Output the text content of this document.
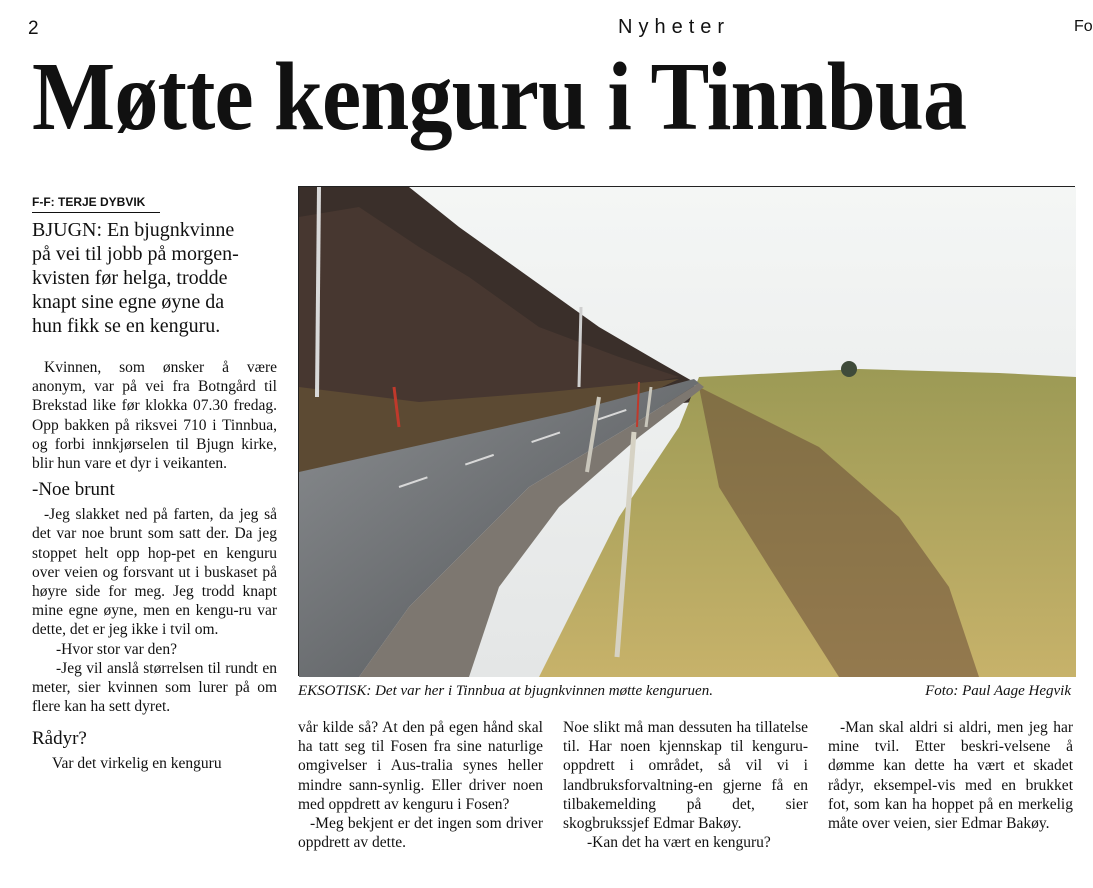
2	Nyheter	Fo
Møtte kenguru i Tinnbua
F-F: TERJE DYBVIK
BJUGN: En bjugnkvinne på vei til jobb på morgen-kvisten før helga, trodde knapt sine egne øyne da hun fikk se en kenguru.

Kvinnen, som ønsker å være anonym, var på vei fra Botngård til Brekstad like før klokka 07.30 fredag. Opp bakken på riksvei 710 i Tinnbua, og forbi innkjørselen til Bjugn kirke, blir hun vare et dyr i veikanten.

-Noe brunt

-Jeg slakket ned på farten, da jeg så det var noe brunt som satt der. Da jeg stoppet helt opp hop-pet en kenguru over veien og forsvant ut i buskaset på høyre side for meg. Jeg trodd knapt mine egne øyne, men en kengu-ru var dette, det er jeg ikke i tvil om.

-Hvor stor var den?

-Jeg vil anslå størrelsen til rundt en meter, sier kvinnen som lurer på om flere kan ha sett dyret.

Rådyr?

Var det virkelig en kenguru

EKSOTISK: Det var her i Tinnbua at bjugnkvinnen møtte kenguruen.	Foto: Paul Aage Hegvik

vår kilde så? At den på egen hånd skal ha tatt seg til Fosen fra sine naturlige omgivelser i Aus-tralia synes heller mindre sann-synlig. Eller driver noen med oppdrett av kenguru i Fosen?

-Meg bekjent er det ingen som driver oppdrett av dette.

Noe slikt må man dessuten ha tillatelse til. Har noen kjennskap til kenguru-oppdrett i området, så vil vi i landbruksforvaltning-en gjerne få en tilbakemelding på det, sier skogbrukssjef Edmar Bakøy.

-Kan det ha vært en kenguru?

-Man skal aldri si aldri, men jeg har mine tvil. Etter beskri-velsene å dømme kan dette ha vært et skadet rådyr, eksempel-vis med en brukket fot, som kan ha hoppet på en merkelig måte over veien, sier Edmar Bakøy.
